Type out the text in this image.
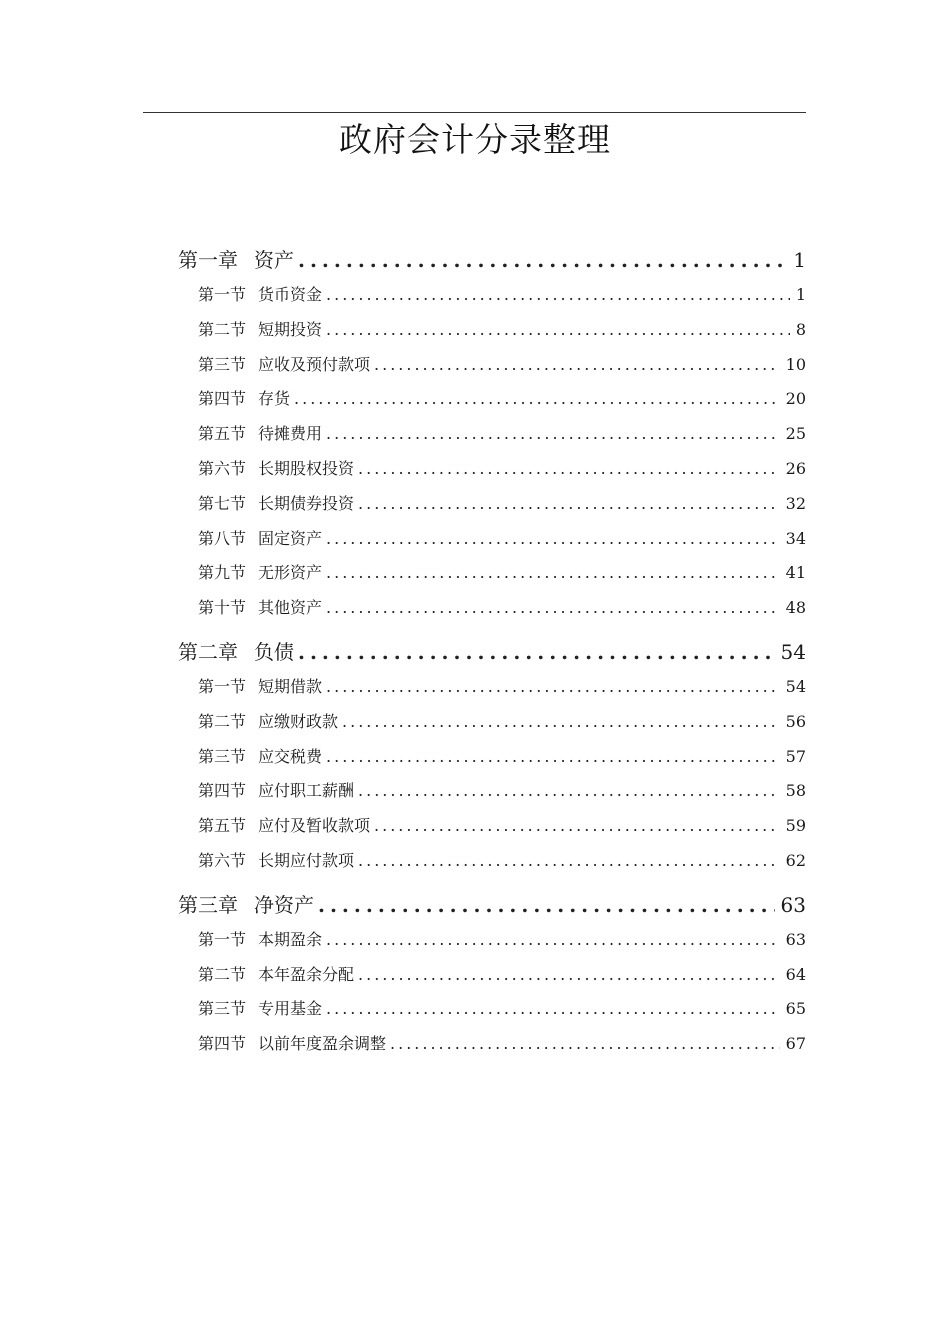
政府会计分录整理
第一章 资产 .....	1
第一节 货币资金 .....	1
第二节 短期投资 .....	8
第三节 应收及预付款项 .....	10
第四节 存货 .....	20
第五节 待摊费用 .....	25
第六节 长期股权投资 .....	26
第七节 长期债券投资 .....	32
第八节 固定资产 .....	34
第九节 无形资产 .....	41
第十节 其他资产 .....	48
第二章 负债 .....	54
第一节 短期借款 .....	54
第二节 应缴财政款 .....	56
第三节 应交税费 .....	57
第四节 应付职工薪酬 .....	58
第五节 应付及暂收款项 .....	59
第六节 长期应付款项 .....	62
第三章 净资产 .....	63
第一节 本期盈余 .....	63
第二节 本年盈余分配 .....	64
第三节 专用基金 .....	65
第四节 以前年度盈余调整 .....	67
